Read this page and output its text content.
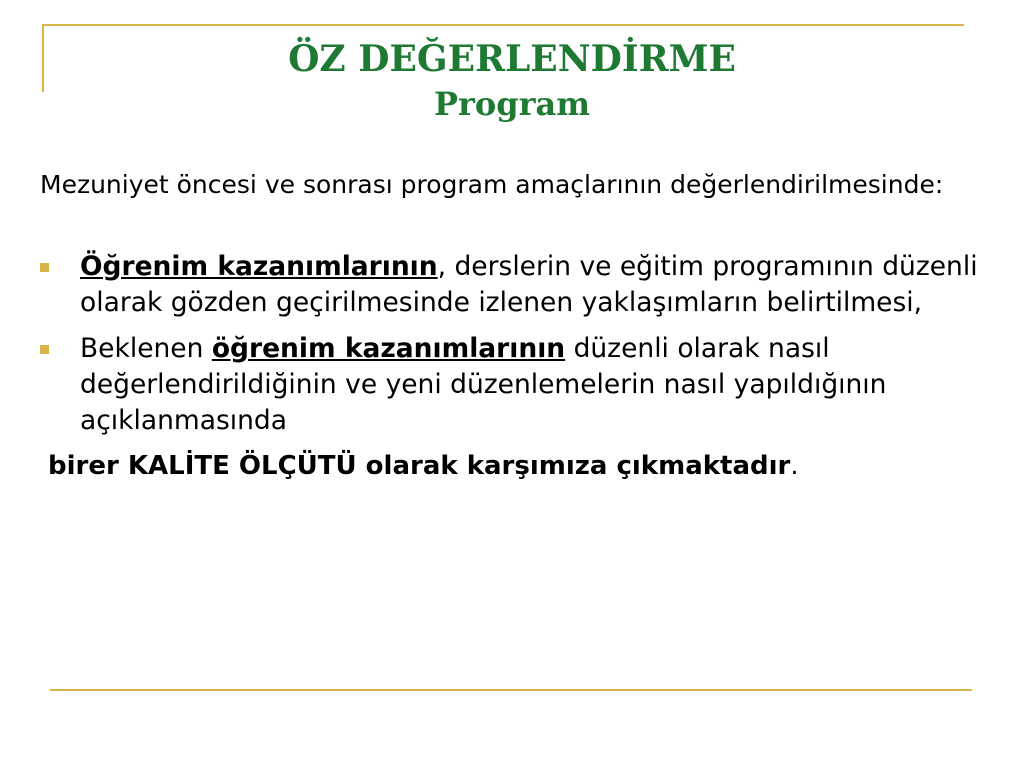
ÖZ DEĞERLENDİRME
Program

Mezuniyet öncesi ve sonrası program amaçlarının değerlendirilmesinde:

Öğrenim kazanımlarının, derslerin ve eğitim programının düzenli olarak gözden geçirilmesinde izlenen yaklaşımların belirtilmesi,

Beklenen öğrenim kazanımlarının düzenli olarak nasıl değerlendirildiğinin ve yeni düzenlemelerin nasıl yapıldığının açıklanmasında

birer KALİTE ÖLÇÜTÜ olarak karşımıza çıkmaktadır.
